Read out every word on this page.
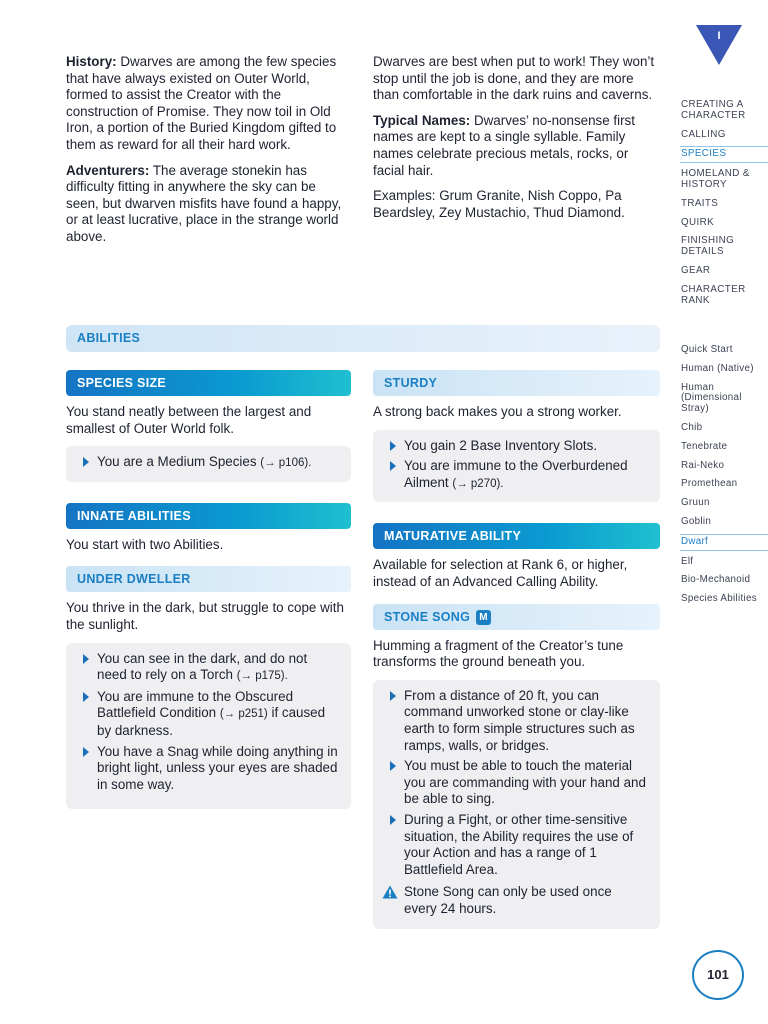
History: Dwarves are among the few species that have always existed on Outer World, formed to assist the Creator with the construction of Promise. They now toil in Old Iron, a portion of the Buried Kingdom gifted to them as reward for all their hard work.

Adventurers: The average stonekin has difficulty fitting in anywhere the sky can be seen, but dwarven misfits have found a happy, or at least lucrative, place in the strange world above.

Dwarves are best when put to work! They won’t stop until the job is done, and they are more than comfortable in the dark ruins and caverns.

Typical Names: Dwarves’ no-nonsense first names are kept to a single syllable. Family names celebrate precious metals, rocks, or facial hair.

Examples: Grum Granite, Nish Coppo, Pa Beardsley, Zey Mustachio, Thud Diamond.

ABILITIES
SPECIES SIZE

You stand neatly between the largest and smallest of Outer World folk.

You are a Medium Species (→ p106).
INNATE ABILITIES

You start with two Abilities.

UNDER DWELLER

You thrive in the dark, but struggle to cope with the sunlight.

You can see in the dark, and do not need to rely on a Torch (→ p175).
You are immune to the Obscured Battlefield Condition (→ p251) if caused by darkness.
You have a Snag while doing anything in bright light, unless your eyes are shaded in some way.
STURDY

A strong back makes you a strong worker.

You gain 2 Base Inventory Slots.
You are immune to the Overburdened Ailment (→ p270).
MATURATIVE ABILITY

Available for selection at Rank 6, or higher, instead of an Advanced Calling Ability.

STONE SONG M

Humming a fragment of the Creator’s tune transforms the ground beneath you.

From a distance of 20 ft, you can command unworked stone or clay-like earth to form simple structures such as ramps, walls, or bridges.
You must be able to touch the material you are commanding with your hand and be able to sing.
During a Fight, or other time-sensitive situation, the Ability requires the use of your Action and has a range of 1 Battlefield Area.
Stone Song can only be used once every 24 hours.
I
CREATING A CHARACTER
CALLING
SPECIES
HOMELAND & HISTORY
TRAITS
QUIRK
FINISHING DETAILS
GEAR
CHARACTER RANK
Quick Start
Human (Native)
Human (Dimensional Stray)
Chib
Tenebrate
Rai-Neko
Promethean
Gruun
Goblin
Dwarf
Elf
Bio-Mechanoid
Species Abilities
101
